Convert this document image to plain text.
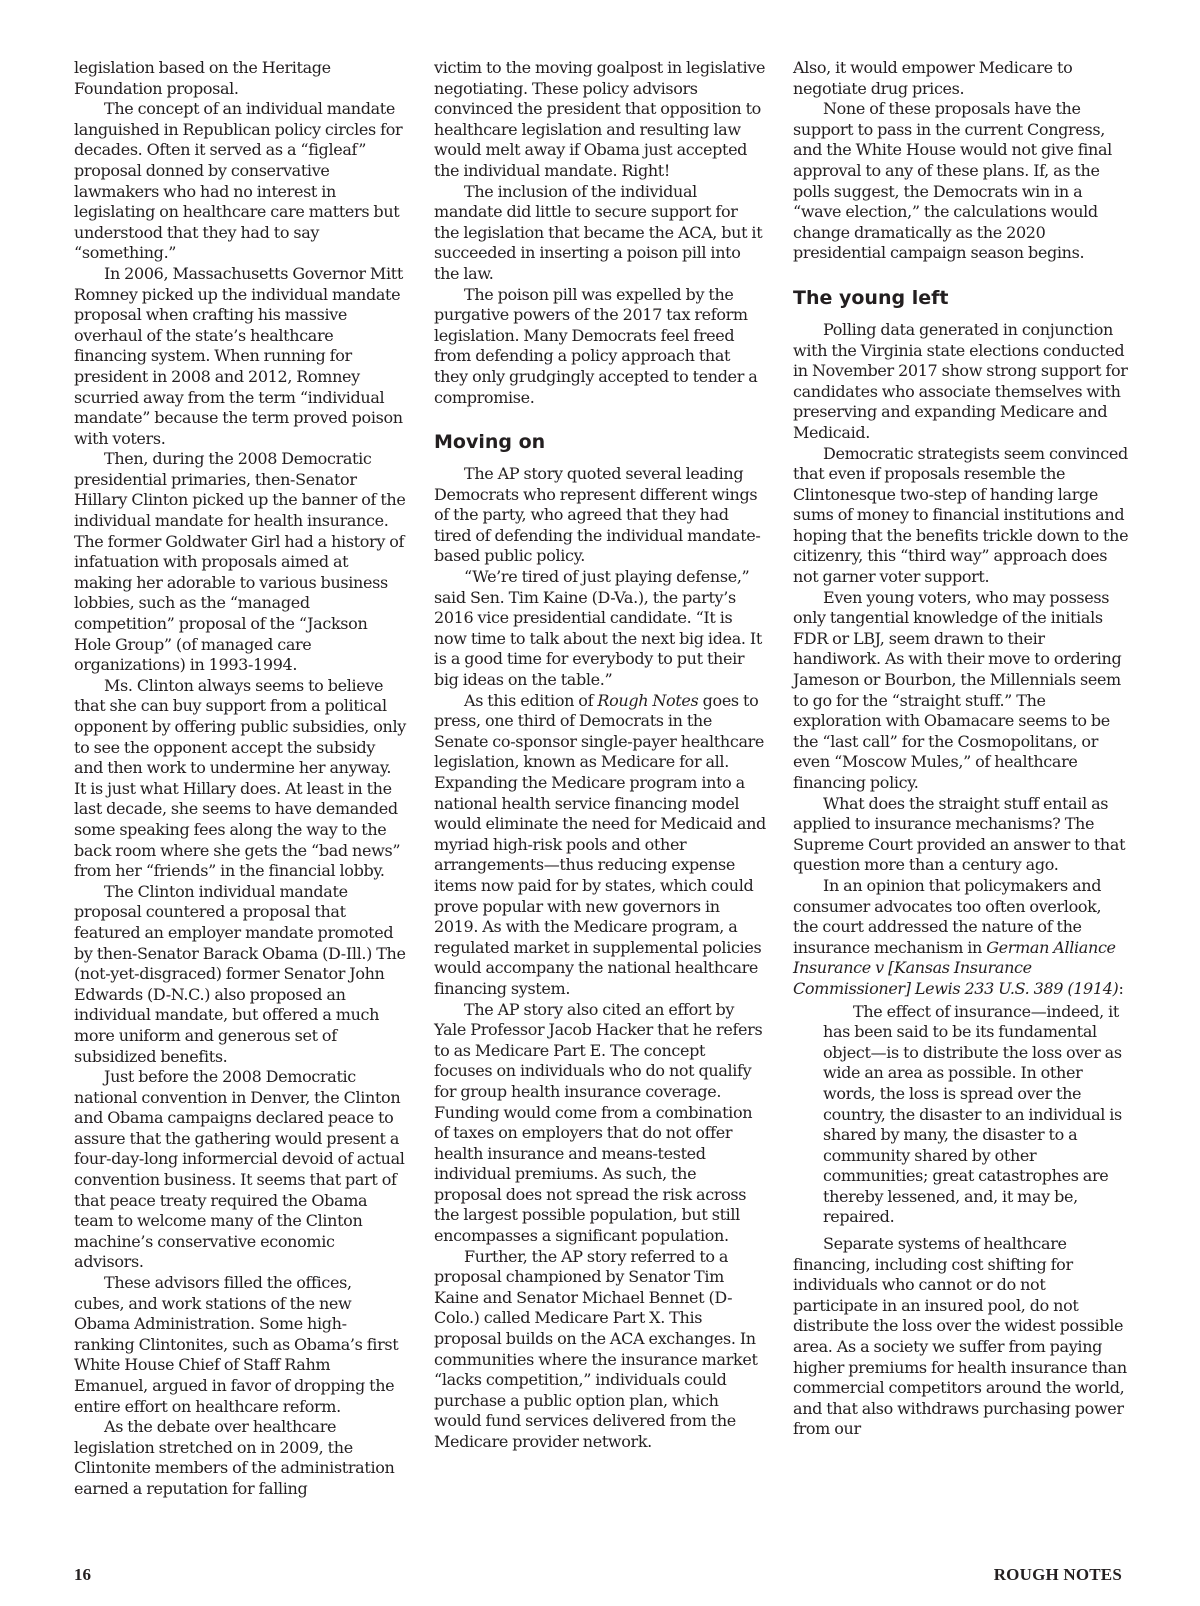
legislation based on the Heritage Foundation proposal.

The concept of an individual mandate languished in Republican policy circles for decades. Often it served as a “figleaf” proposal donned by conservative lawmakers who had no interest in legislating on healthcare care matters but understood that they had to say “something.”

In 2006, Massachusetts Governor Mitt Romney picked up the individual mandate proposal when crafting his massive overhaul of the state’s healthcare financing system. When running for president in 2008 and 2012, Romney scurried away from the term “individual mandate” because the term proved poison with voters.

Then, during the 2008 Democratic presidential primaries, then-Senator Hillary Clinton picked up the banner of the individual mandate for health insurance. The former Goldwater Girl had a history of infatuation with proposals aimed at making her adorable to various business lobbies, such as the “managed competition” proposal of the “Jackson Hole Group” (of managed care organizations) in 1993-1994.

Ms. Clinton always seems to believe that she can buy support from a political opponent by offering public subsidies, only to see the opponent accept the subsidy and then work to undermine her anyway. It is just what Hillary does. At least in the last decade, she seems to have demanded some speaking fees along the way to the back room where she gets the “bad news” from her “friends” in the financial lobby.

The Clinton individual mandate proposal countered a proposal that featured an employer mandate promoted by then-Senator Barack Obama (D-Ill.) The (not-yet-disgraced) former Senator John Edwards (D-N.C.) also proposed an individual mandate, but offered a much more uniform and generous set of subsidized benefits.

Just before the 2008 Democratic national convention in Denver, the Clinton and Obama campaigns declared peace to assure that the gathering would present a four-day-long informercial devoid of actual convention business. It seems that part of that peace treaty required the Obama team to welcome many of the Clinton machine’s conservative economic advisors.

These advisors filled the offices, cubes, and work stations of the new Obama Administration. Some high-ranking Clintonites, such as Obama’s first White House Chief of Staff Rahm Emanuel, argued in favor of dropping the entire effort on healthcare reform.

As the debate over healthcare legislation stretched on in 2009, the Clintonite members of the administration earned a reputation for falling

victim to the moving goalpost in legislative negotiating. These policy advisors convinced the president that opposition to healthcare legislation and resulting law would melt away if Obama just accepted the individual mandate. Right!

The inclusion of the individual mandate did little to secure support for the legislation that became the ACA, but it succeeded in inserting a poison pill into the law.

The poison pill was expelled by the purgative powers of the 2017 tax reform legislation. Many Democrats feel freed from defending a policy approach that they only grudgingly accepted to tender a compromise.

Moving on

The AP story quoted several leading Democrats who represent different wings of the party, who agreed that they had tired of defending the individual mandate-based public policy.

“We’re tired of just playing defense,” said Sen. Tim Kaine (D-Va.), the party’s 2016 vice presidential candidate. “It is now time to talk about the next big idea. It is a good time for everybody to put their big ideas on the table.”

As this edition of Rough Notes goes to press, one third of Democrats in the Senate co-sponsor single-payer healthcare legislation, known as Medicare for all. Expanding the Medicare program into a national health service financing model would eliminate the need for Medicaid and myriad high-risk pools and other arrangements—thus reducing expense items now paid for by states, which could prove popular with new governors in 2019. As with the Medicare program, a regulated market in supplemental policies would accompany the national healthcare financing system.

The AP story also cited an effort by Yale Professor Jacob Hacker that he refers to as Medicare Part E. The concept focuses on individuals who do not qualify for group health insurance coverage. Funding would come from a combination of taxes on employers that do not offer health insurance and means-tested individual premiums. As such, the proposal does not spread the risk across the largest possible population, but still encompasses a significant population.

Further, the AP story referred to a proposal championed by Senator Tim Kaine and Senator Michael Bennet (D-Colo.) called Medicare Part X. This proposal builds on the ACA exchanges. In communities where the insurance market “lacks competition,” individuals could purchase a public option plan, which would fund services delivered from the Medicare provider network.

Also, it would empower Medicare to negotiate drug prices.

None of these proposals have the support to pass in the current Congress, and the White House would not give final approval to any of these plans. If, as the polls suggest, the Democrats win in a “wave election,” the calculations would change dramatically as the 2020 presidential campaign season begins.

The young left

Polling data generated in conjunction with the Virginia state elections conducted in November 2017 show strong support for candidates who associate themselves with preserving and expanding Medicare and Medicaid.

Democratic strategists seem convinced that even if proposals resemble the Clintonesque two-step of handing large sums of money to financial institutions and hoping that the benefits trickle down to the citizenry, this “third way” approach does not garner voter support.

Even young voters, who may possess only tangential knowledge of the initials FDR or LBJ, seem drawn to their handiwork. As with their move to ordering Jameson or Bourbon, the Millennials seem to go for the “straight stuff.” The exploration with Obamacare seems to be the “last call” for the Cosmopolitans, or even “Moscow Mules,” of healthcare financing policy.

What does the straight stuff entail as applied to insurance mechanisms? The Supreme Court provided an answer to that question more than a century ago.

In an opinion that policymakers and consumer advocates too often overlook, the court addressed the nature of the insurance mechanism in German Alliance Insurance v [Kansas Insurance Commissioner] Lewis 233 U.S. 389 (1914):

The effect of insurance—indeed, it has been said to be its fundamental object—is to distribute the loss over as wide an area as possible. In other words, the loss is spread over the country, the disaster to an individual is shared by many, the disaster to a community shared by other communities; great catastrophes are thereby lessened, and, it may be, repaired.

Separate systems of healthcare financing, including cost shifting for individuals who cannot or do not participate in an insured pool, do not distribute the loss over the widest possible area. As a society we suffer from paying higher premiums for health insurance than commercial competitors around the world, and that also withdraws purchasing power from our

16	ROUGH NOTES
